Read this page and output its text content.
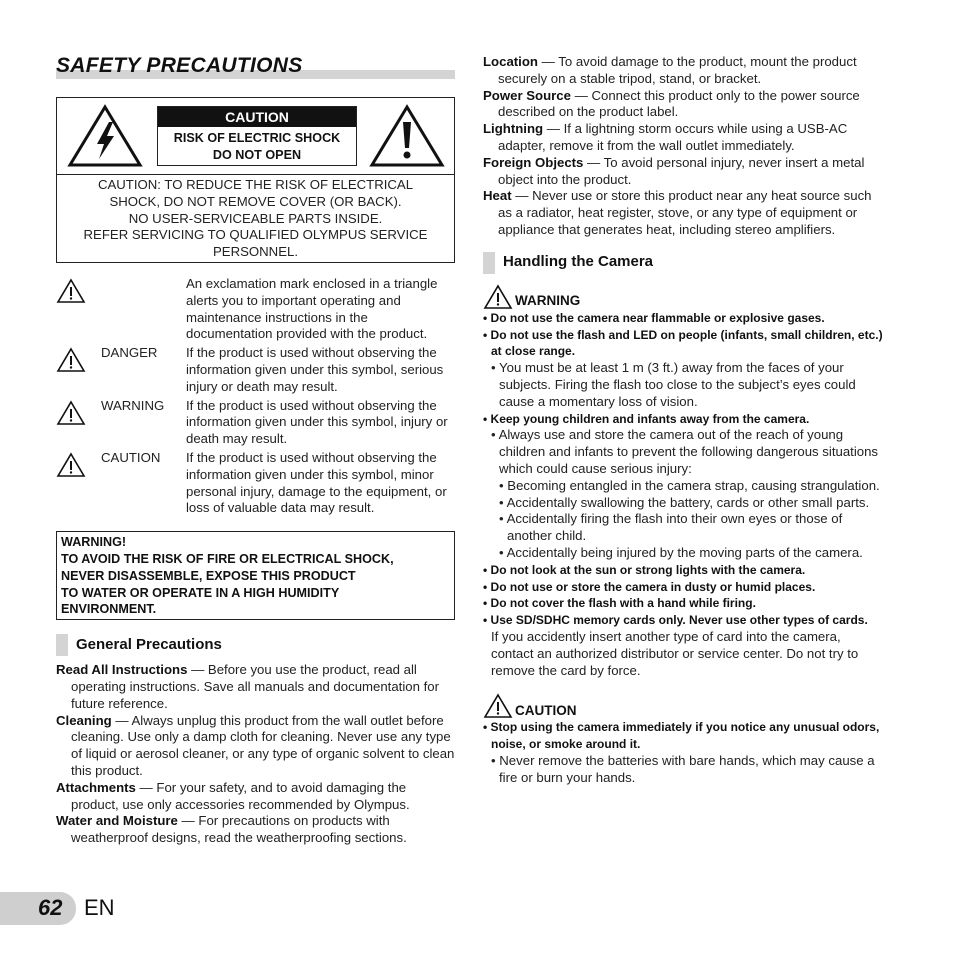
SAFETY PRECAUTIONS
CAUTION
RISK OF ELECTRIC SHOCK
DO NOT OPEN
CAUTION: TO REDUCE THE RISK OF ELECTRICAL
SHOCK, DO NOT REMOVE COVER (OR BACK).
NO USER-SERVICEABLE PARTS INSIDE.
REFER SERVICING TO QUALIFIED OLYMPUS SERVICE
PERSONNEL.
An exclamation mark enclosed in a triangle alerts you to important operating and maintenance instructions in the documentation provided with the product.
DANGER	If the product is used without observing the information given under this symbol, serious injury or death may result.
WARNING	If the product is used without observing the information given under this symbol, injury or death may result.
CAUTION	If the product is used without observing the information given under this symbol, minor personal injury, damage to the equipment, or loss of valuable data may result.
WARNING!
TO AVOID THE RISK OF FIRE OR ELECTRICAL SHOCK,
NEVER DISASSEMBLE, EXPOSE THIS PRODUCT
TO WATER OR OPERATE IN A HIGH HUMIDITY
ENVIRONMENT.
General Precautions
Read All Instructions — Before you use the product, read all operating instructions. Save all manuals and documentation for future reference.
Cleaning — Always unplug this product from the wall outlet before cleaning. Use only a damp cloth for cleaning. Never use any type of liquid or aerosol cleaner, or any type of organic solvent to clean this product.
Attachments — For your safety, and to avoid damaging the product, use only accessories recommended by Olympus.
Water and Moisture — For precautions on products with weatherproof designs, read the weatherproofing sections.
Location — To avoid damage to the product, mount the product securely on a stable tripod, stand, or bracket.
Power Source — Connect this product only to the power source described on the product label.
Lightning — If a lightning storm occurs while using a USB-AC adapter, remove it from the wall outlet immediately.
Foreign Objects — To avoid personal injury, never insert a metal object into the product.
Heat — Never use or store this product near any heat source such as a radiator, heat register, stove, or any type of equipment or appliance that generates heat, including stereo amplifiers.
Handling the Camera
WARNING
• Do not use the camera near flammable or explosive gases.
• Do not use the flash and LED on people (infants, small children, etc.) at close range.
• You must be at least 1 m (3 ft.) away from the faces of your subjects. Firing the flash too close to the subject’s eyes could cause a momentary loss of vision.
• Keep young children and infants away from the camera.
• Always use and store the camera out of the reach of young children and infants to prevent the following dangerous situations which could cause serious injury:
• Becoming entangled in the camera strap, causing strangulation.
• Accidentally swallowing the battery, cards or other small parts.
• Accidentally firing the flash into their own eyes or those of another child.
• Accidentally being injured by the moving parts of the camera.
• Do not look at the sun or strong lights with the camera.
• Do not use or store the camera in dusty or humid places.
• Do not cover the flash with a hand while firing.
• Use SD/SDHC memory cards only. Never use other types of cards.
If you accidently insert another type of card into the camera, contact an authorized distributor or service center. Do not try to remove the card by force.
CAUTION
• Stop using the camera immediately if you notice any unusual odors, noise, or smoke around it.
• Never remove the batteries with bare hands, which may cause a fire or burn your hands.
62 EN
